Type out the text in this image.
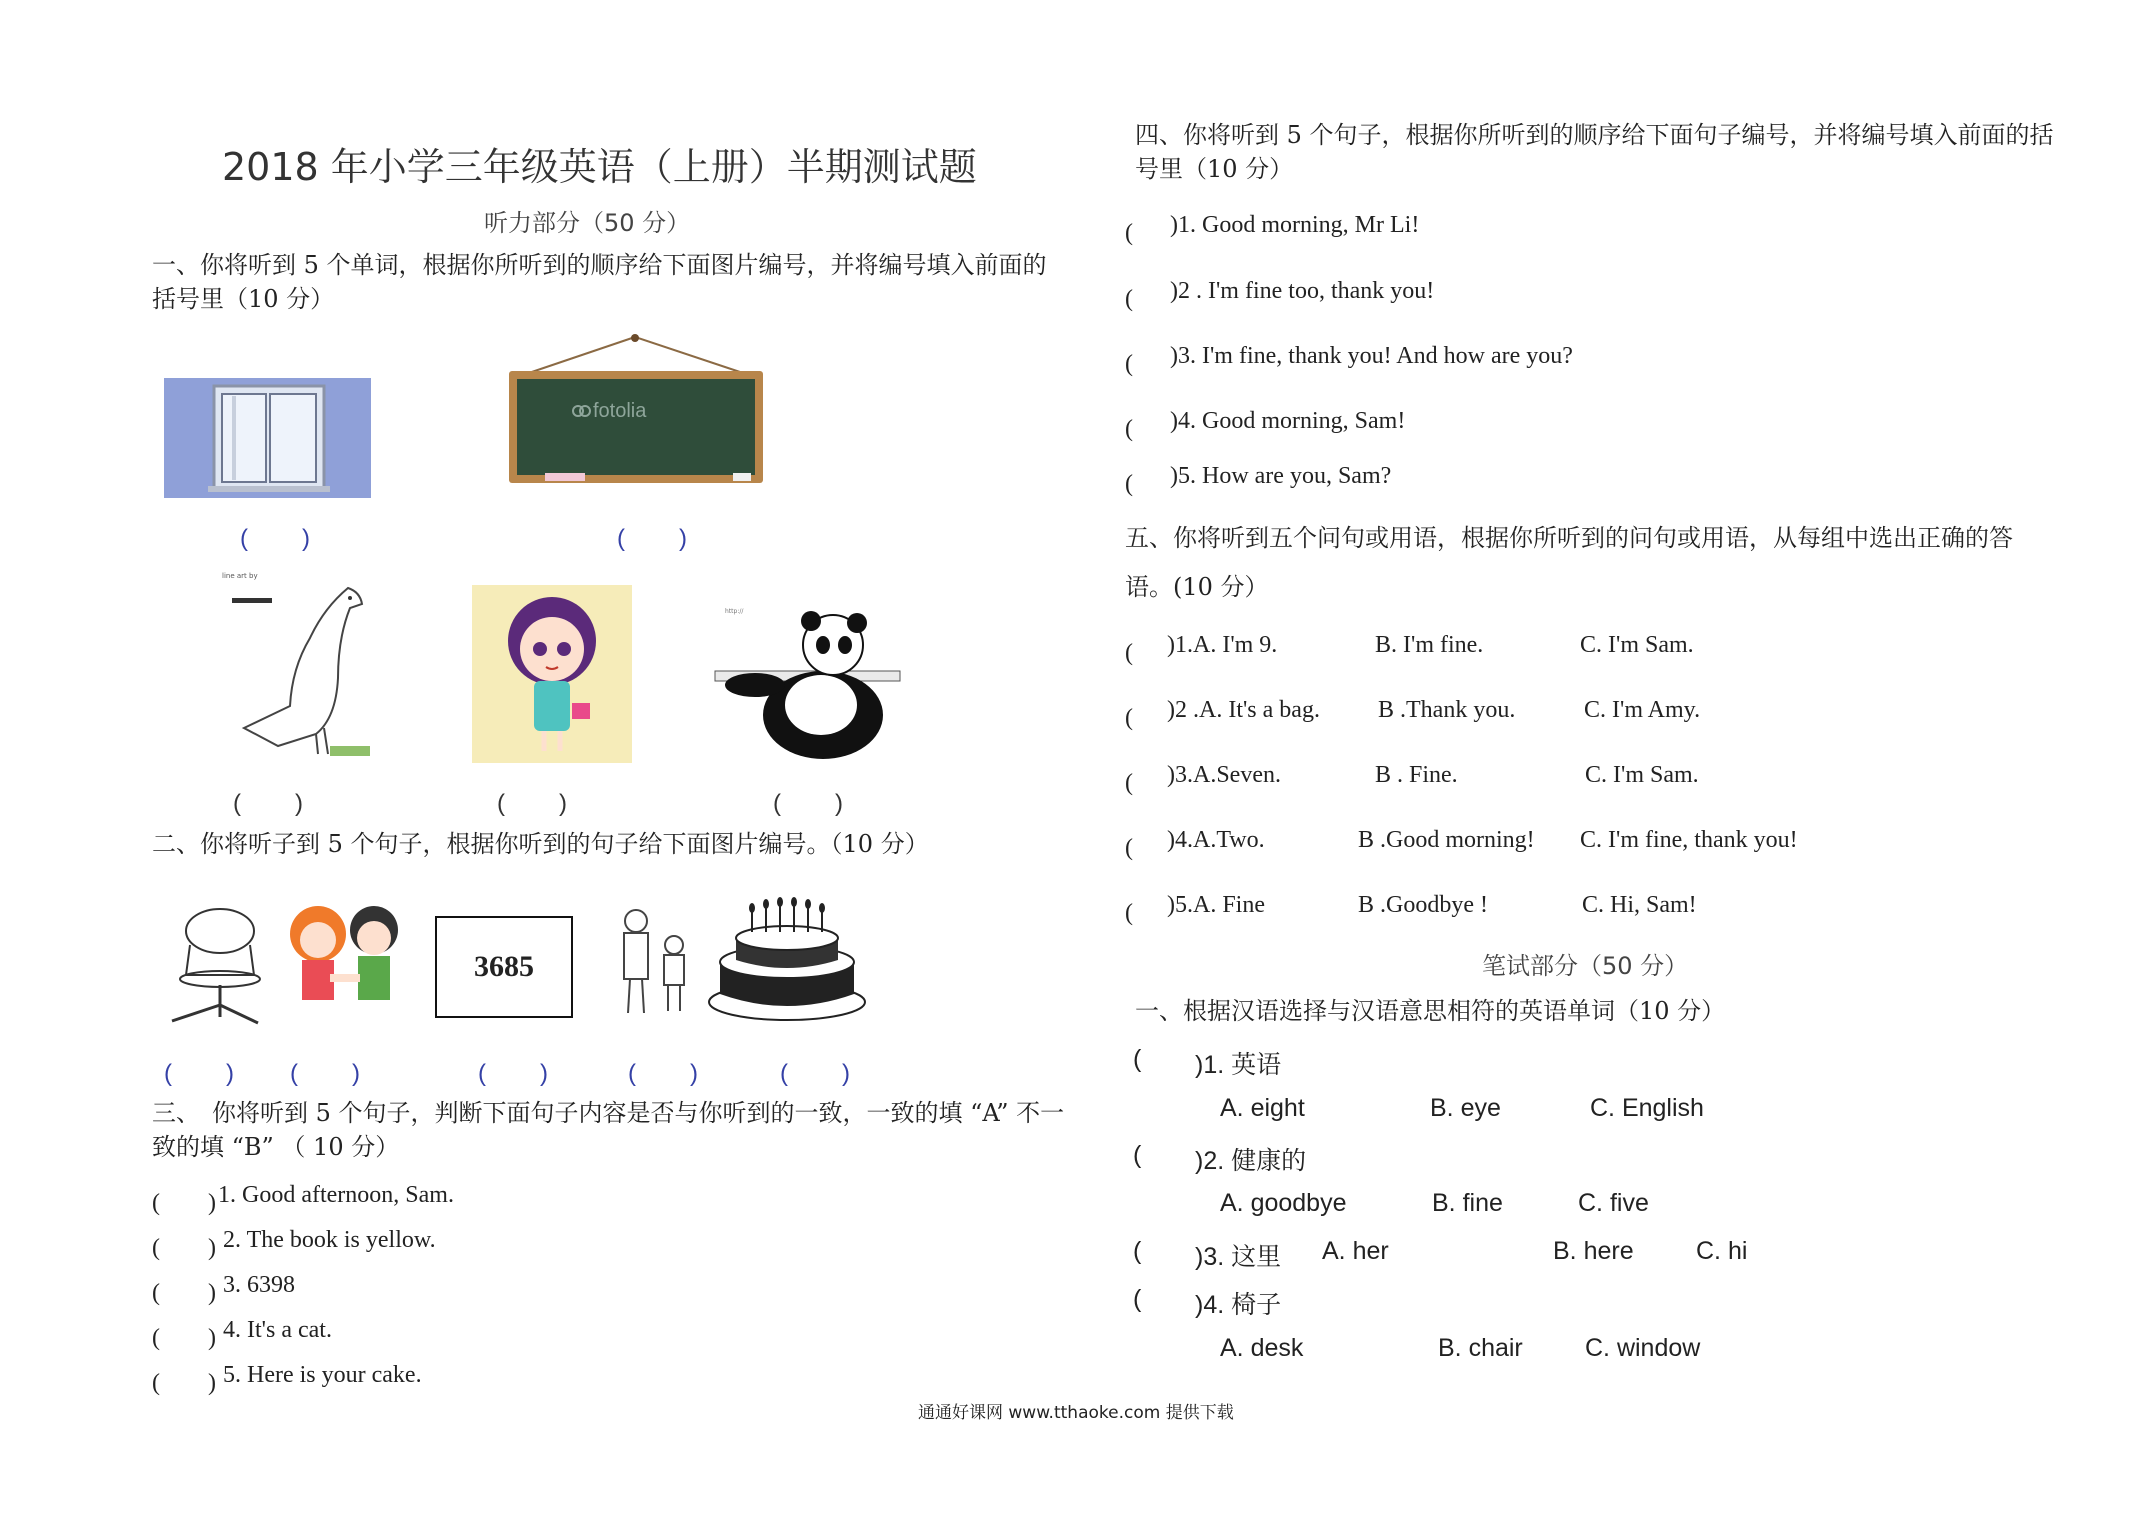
2018 年小学三年级英语（上册）半期测试题
听力部分（50 分）
一、你将听到 5 个单词，根据你所听到的顺序给下面图片编号，并将编号填入前面的括号里（10 分）
fotolia
(　　)	(　　)
line art by
http://
(　　)	(　　)	(　　)
二、你将听子到 5 个句子，根据你听到的句子给下面图片编号。（10 分）
3685
(　　) (　　)	(　　)	(　　)	(　　)
三、　你将听到 5 个句子，判断下面句子内容是否与你听到的一致，一致的填 “A” 不一致的填 “B” （ 10 分）
(　　) 1. Good afternoon, Sam.
(　　) 2. The book is yellow.
(　　) 3. 6398
(　　) 4. It's a cat.
(　　) 5. Here is your cake.
四、你将听到 5 个句子，根据你所听到的顺序给下面句子编号，并将编号填入前面的括号里（10 分）
(　　
)1. Good morning, Mr Li!
(　　
)2 . I'm fine too, thank you!
(　　
)3. I'm fine, thank you! And how are you?
(　　
)4. Good morning, Sam!
(　　
)5. How are you, Sam?
五、你将听到五个问句或用语，根据你所听到的问句或用语，从每组中选出正确的答语。(10 分）
(　　
)1.A. I'm 9.	B. I'm fine.	C. I'm Sam.
(　　
)2 .A. It's a bag. B .Thank you.	C. I'm Amy.
(　　
)3.A.Seven.	B . Fine.	C. I'm Sam.
(　　
)4.A.Two.	B .Good morning! C. I'm fine, thank you!
(　　
)5.A. Fine	B .Goodbye !	C. Hi, Sam!
笔试部分（50 分）
一、根据汉语选择与汉语意思相符的英语单词（10 分）
( )1. 英语
A. eight	B. eye	C. English
( )2. 健康的
A. goodbye	B. fine	C. five
( )3. 这里 A. her	B. here C. hi
( )4. 椅子
A. desk	B. chair C. window
通通好课网 www.tthaoke.com 提供下载
